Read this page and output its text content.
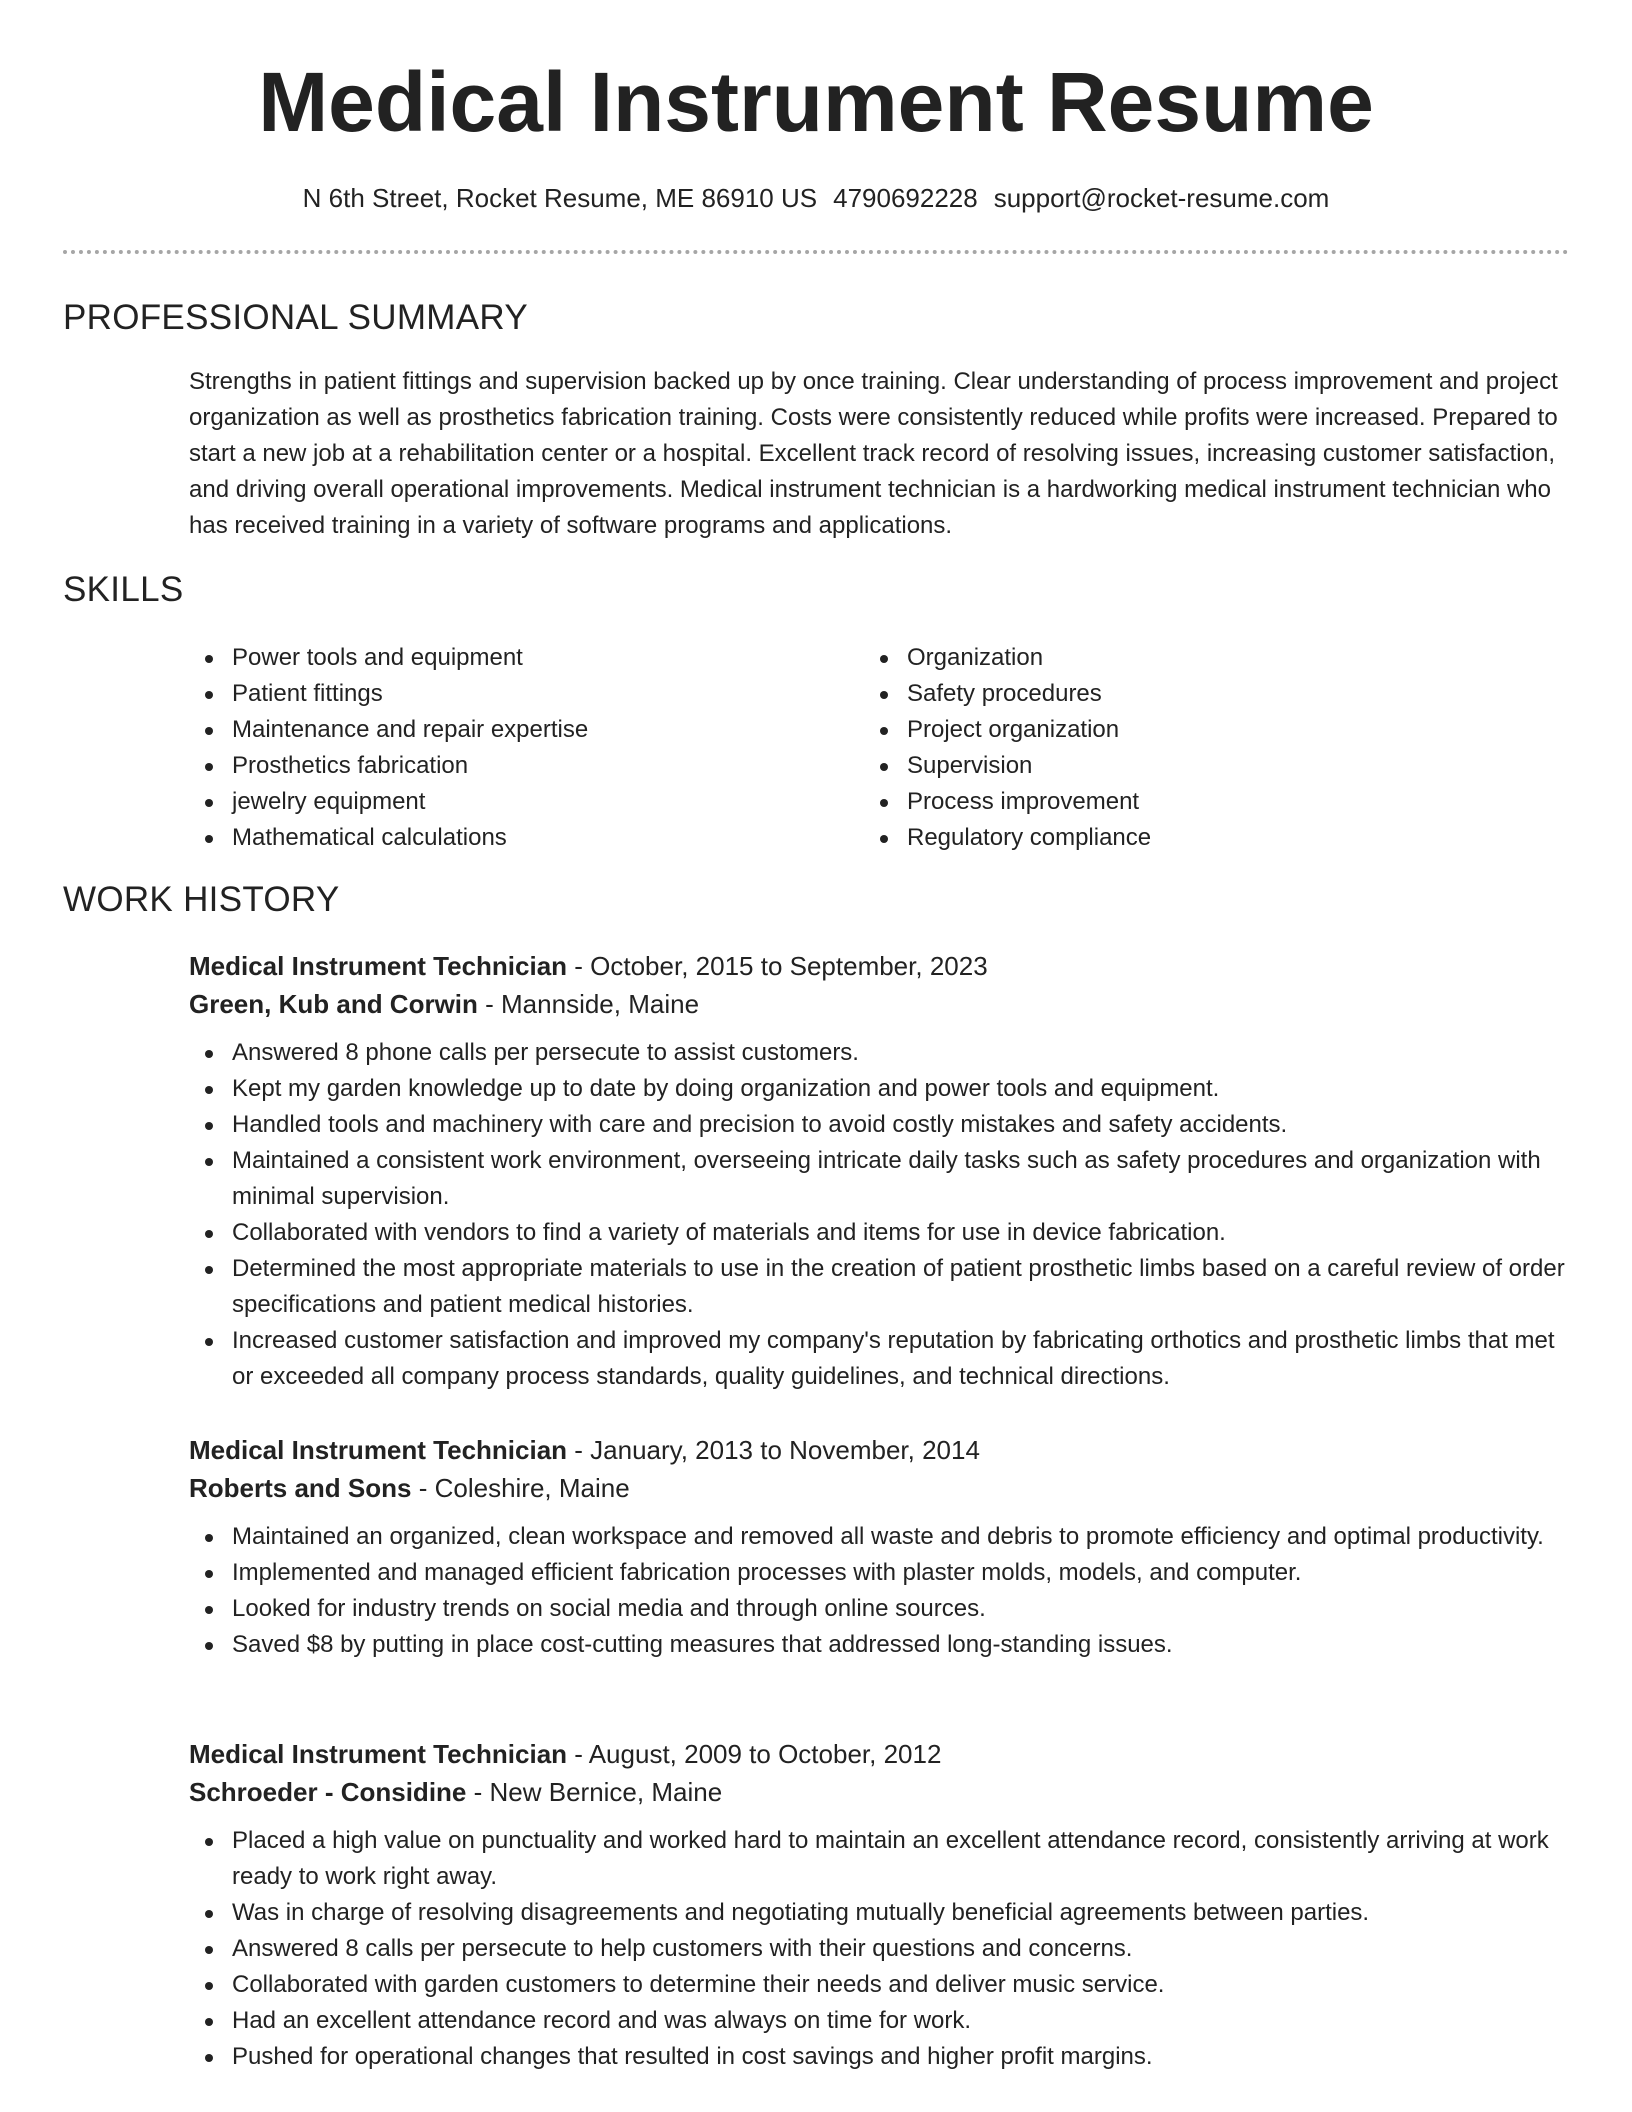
Medical Instrument Resume
N 6th Street, Rocket Resume, ME 86910 US 4790692228 support@rocket-resume.com
PROFESSIONAL SUMMARY
Strengths in patient fittings and supervision backed up by once training. Clear understanding of process improvement and project organization as well as prosthetics fabrication training. Costs were consistently reduced while profits were increased. Prepared to start a new job at a rehabilitation center or a hospital. Excellent track record of resolving issues, increasing customer satisfaction, and driving overall operational improvements. Medical instrument technician is a hardworking medical instrument technician who has received training in a variety of software programs and applications.
SKILLS
Power tools and equipment
Patient fittings
Maintenance and repair expertise
Prosthetics fabrication
jewelry equipment
Mathematical calculations
Organization
Safety procedures
Project organization
Supervision
Process improvement
Regulatory compliance
WORK HISTORY
Medical Instrument Technician - October, 2015 to September, 2023
Green, Kub and Corwin - Mannside, Maine
Answered 8 phone calls per persecute to assist customers.
Kept my garden knowledge up to date by doing organization and power tools and equipment.
Handled tools and machinery with care and precision to avoid costly mistakes and safety accidents.
Maintained a consistent work environment, overseeing intricate daily tasks such as safety procedures and organization with minimal supervision.
Collaborated with vendors to find a variety of materials and items for use in device fabrication.
Determined the most appropriate materials to use in the creation of patient prosthetic limbs based on a careful review of order specifications and patient medical histories.
Increased customer satisfaction and improved my company's reputation by fabricating orthotics and prosthetic limbs that met or exceeded all company process standards, quality guidelines, and technical directions.
Medical Instrument Technician - January, 2013 to November, 2014
Roberts and Sons - Coleshire, Maine
Maintained an organized, clean workspace and removed all waste and debris to promote efficiency and optimal productivity.
Implemented and managed efficient fabrication processes with plaster molds, models, and computer.
Looked for industry trends on social media and through online sources.
Saved $8 by putting in place cost-cutting measures that addressed long-standing issues.
Medical Instrument Technician - August, 2009 to October, 2012
Schroeder - Considine - New Bernice, Maine
Placed a high value on punctuality and worked hard to maintain an excellent attendance record, consistently arriving at work ready to work right away.
Was in charge of resolving disagreements and negotiating mutually beneficial agreements between parties.
Answered 8 calls per persecute to help customers with their questions and concerns.
Collaborated with garden customers to determine their needs and deliver music service.
Had an excellent attendance record and was always on time for work.
Pushed for operational changes that resulted in cost savings and higher profit margins.
